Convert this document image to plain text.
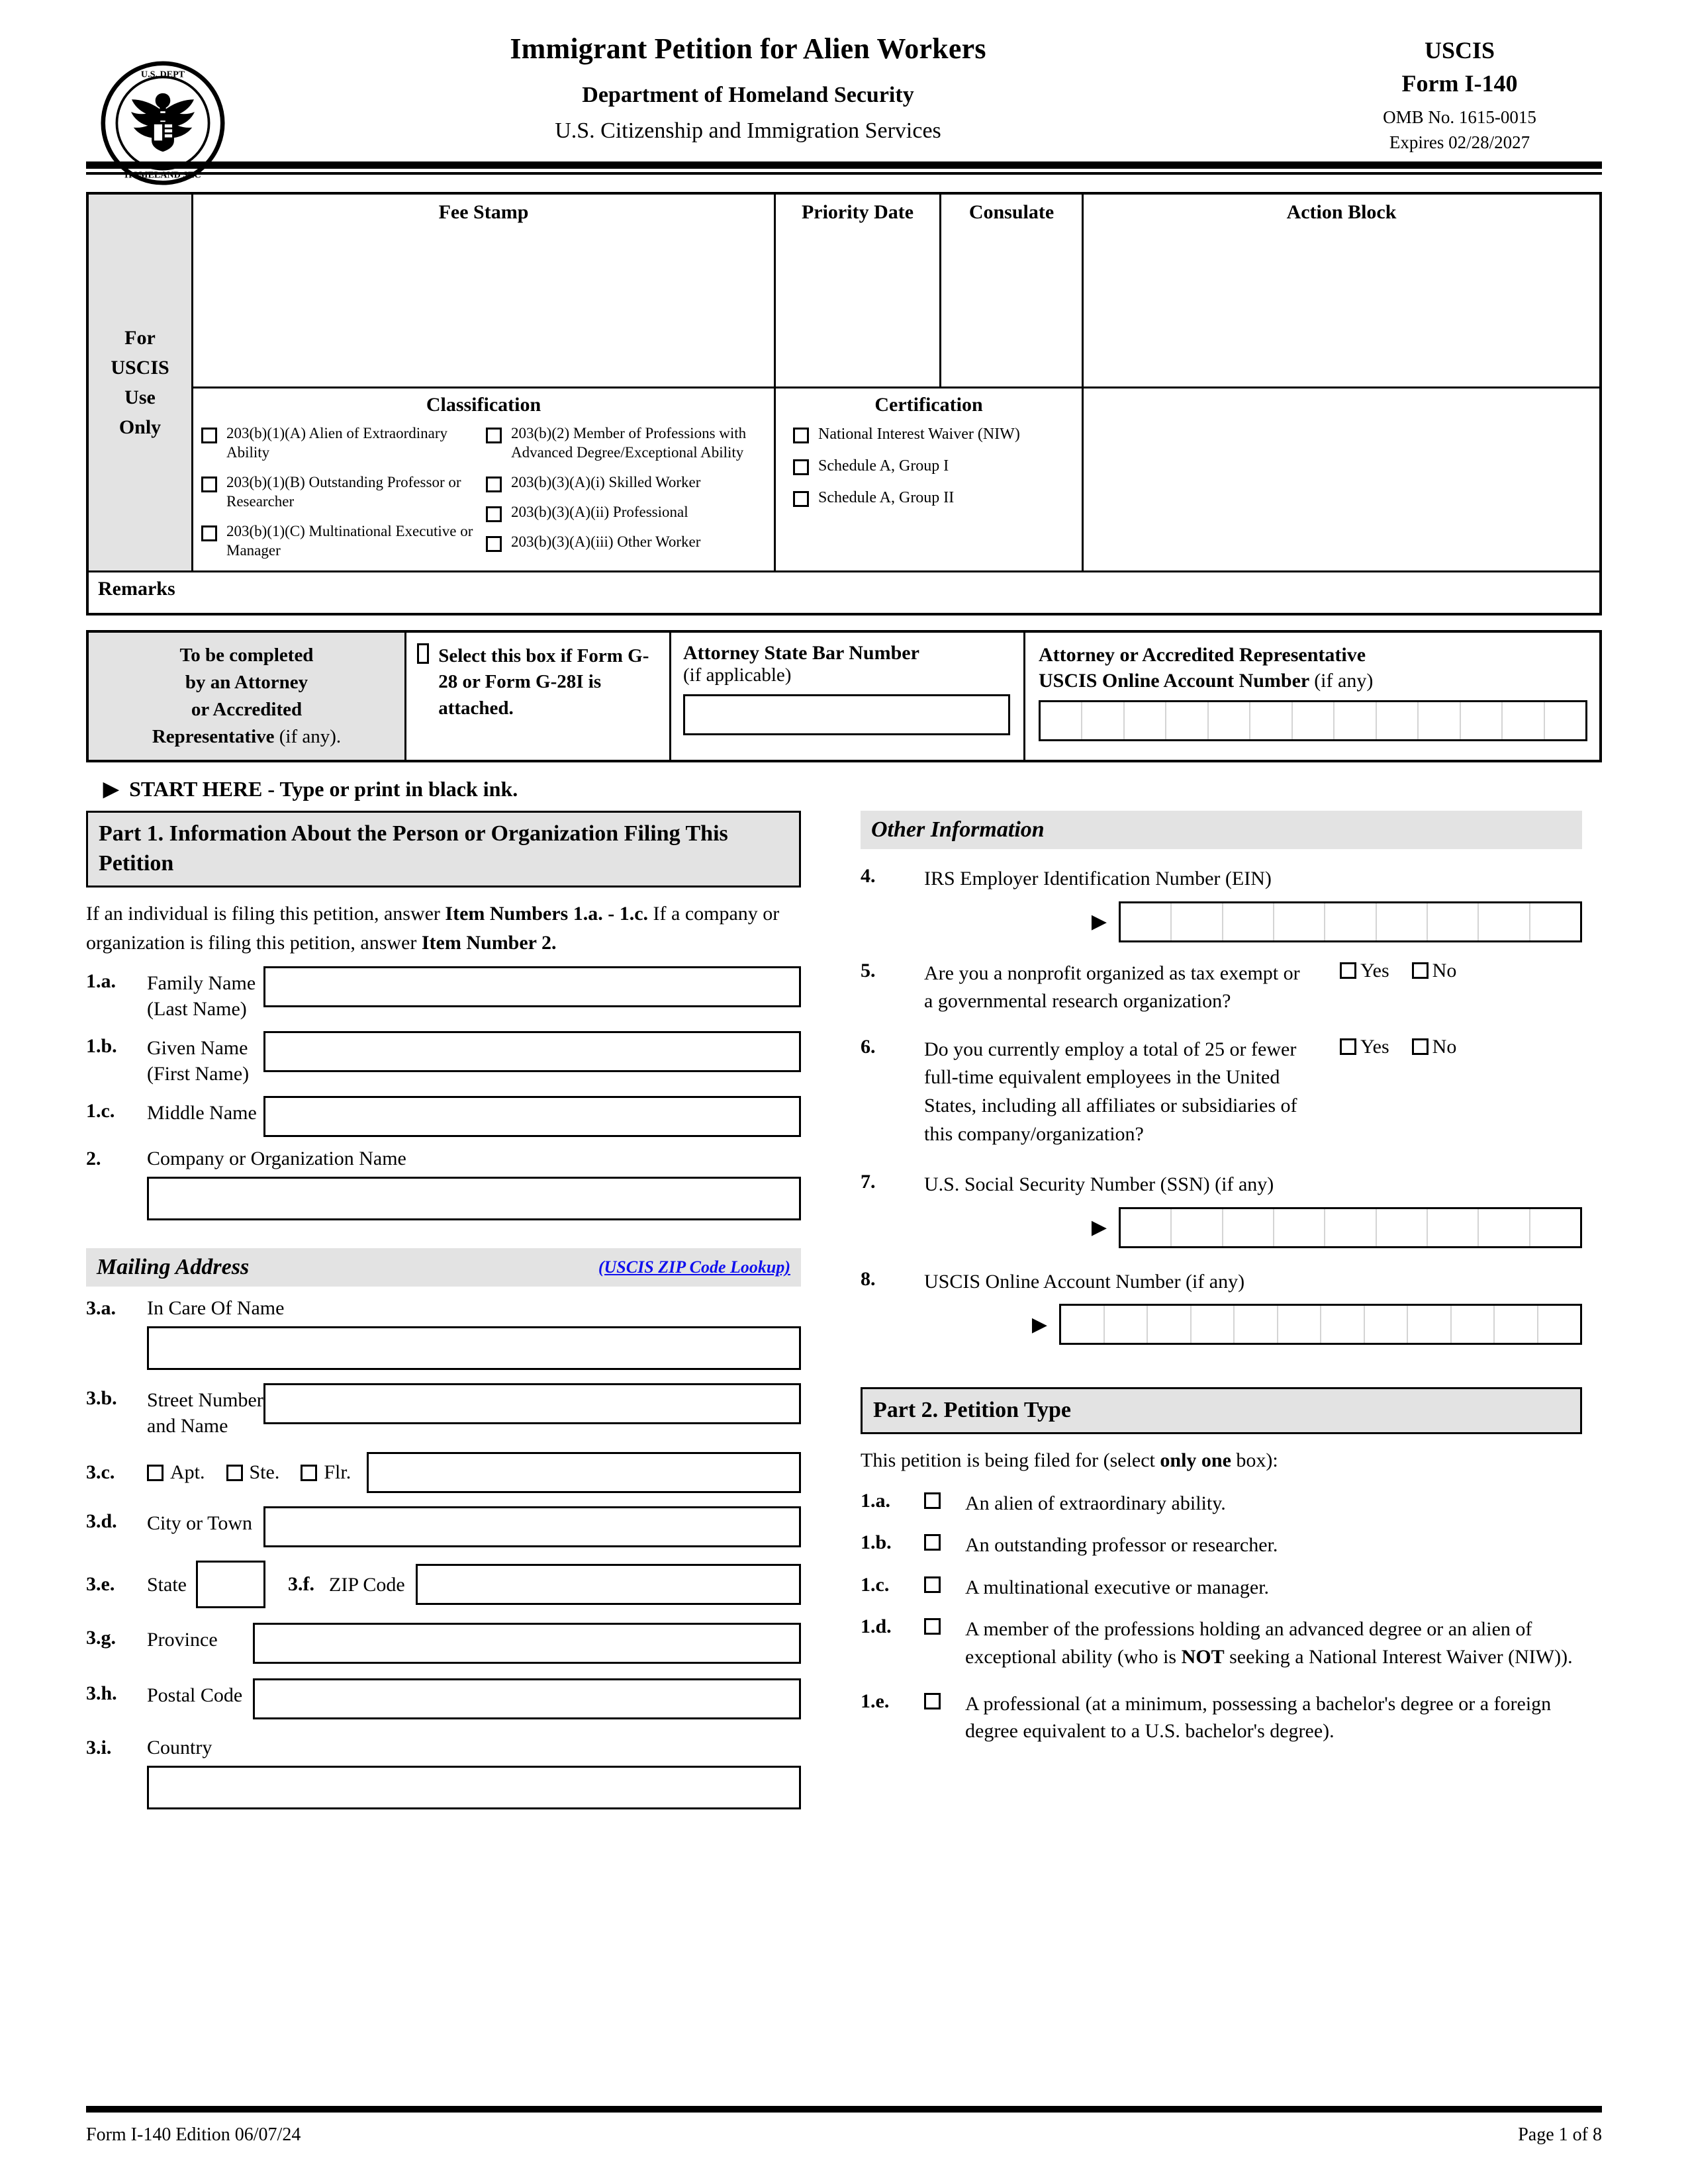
U.S. DEPT
HOMELAND SEC
Immigrant Petition for Alien Workers
Department of Homeland Security
U.S. Citizenship and Immigration Services
USCIS
Form I-140
OMB No. 1615-0015
Expires 02/28/2027
For
USCIS
Use
Only
Fee Stamp	Priority Date	Consulate	Action Block
Classification
203(b)(1)(A) Alien of Extraordinary Ability
203(b)(1)(B) Outstanding Professor or Researcher
203(b)(1)(C) Multinational Executive or Manager
203(b)(2) Member of Professions with Advanced Degree/Exceptional Ability
203(b)(3)(A)(i) Skilled Worker
203(b)(3)(A)(ii) Professional
203(b)(3)(A)(iii) Other Worker
Certification
National Interest Waiver (NIW)
Schedule A, Group I
Schedule A, Group II
Remarks
To be completed
by an Attorney
or Accredited
Representative (if any).
Select this box if Form G-28 or Form G-28I is attached.
Attorney State Bar Number
(if applicable)
Attorney or Accredited Representative
USCIS Online Account Number (if any)
▶ START HERE - Type or print in black ink.
Part 1. Information About the Person or Organization Filing This Petition
If an individual is filing this petition, answer Item Numbers 1.a. - 1.c. If a company or organization is filing this petition, answer Item Number 2.
1.a.	Family Name
(Last Name)
1.b.	Given Name
(First Name)
1.c.	Middle Name
2.	Company or Organization Name
Mailing Address	(USCIS ZIP Code Lookup)
3.a.	In Care Of Name
3.b.	Street Number
and Name
3.c.	Apt. Ste. Flr.
3.d.	City or Town
3.e.	State	3.f. ZIP Code
3.g.	Province
3.h.	Postal Code
3.i.	Country
Other Information
4.	IRS Employer Identification Number (EIN)
▶
5.	Are you a nonprofit organized as tax exempt or a governmental research organization?
Yes No
6.	Do you currently employ a total of 25 or fewer full-time equivalent employees in the United States, including all affiliates or subsidiaries of this company/organization?
Yes No
7.	U.S. Social Security Number (SSN) (if any)
▶
8.	USCIS Online Account Number (if any)
▶
Part 2. Petition Type
This petition is being filed for (select only one box):
1.a.	An alien of extraordinary ability.
1.b.	An outstanding professor or researcher.
1.c.	A multinational executive or manager.
1.d.	A member of the professions holding an advanced degree or an alien of exceptional ability (who is NOT seeking a National Interest Waiver (NIW)).
1.e.	A professional (at a minimum, possessing a bachelor's degree or a foreign degree equivalent to a U.S. bachelor's degree).
Form I-140 Edition 06/07/24	Page 1 of 8
